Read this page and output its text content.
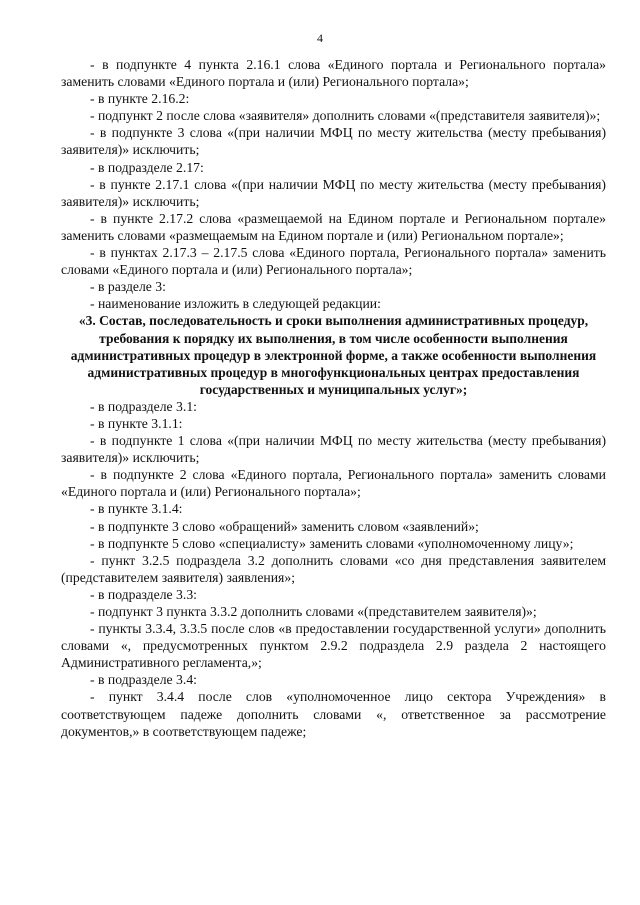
4

- в подпункте 4 пункта 2.16.1 слова «Единого портала и Регионального портала» заменить словами «Единого портала и (или) Регионального портала»;

- в пункте 2.16.2:

- подпункт 2 после слова «заявителя» дополнить словами «(представителя заявителя)»;

- в подпункте 3 слова «(при наличии МФЦ по месту жительства (месту пребывания) заявителя)» исключить;

- в подразделе 2.17:

- в пункте 2.17.1 слова «(при наличии МФЦ по месту жительства (месту пребывания) заявителя)» исключить;

- в пункте 2.17.2 слова «размещаемой на Едином портале и Региональном портале» заменить словами «размещаемым на Едином портале и (или) Региональном портале»;

- в пунктах 2.17.3 – 2.17.5 слова «Единого портала, Регионального портала» заменить словами «Единого портала и (или) Регионального портала»;

- в разделе 3:

- наименование изложить в следующей редакции:

«3. Состав, последовательность и сроки выполнения административных процедур, требования к порядку их выполнения, в том числе особенности выполнения административных процедур в электронной форме, а также особенности выполнения административных процедур в многофункциональных центрах предоставления государственных и муниципальных услуг»;

- в подразделе 3.1:

- в пункте 3.1.1:

- в подпункте 1 слова «(при наличии МФЦ по месту жительства (месту пребывания) заявителя)» исключить;

- в подпункте 2 слова «Единого портала, Регионального портала» заменить словами «Единого портала и (или) Регионального портала»;

- в пункте 3.1.4:

- в подпункте 3 слово «обращений» заменить словом «заявлений»;

- в подпункте 5 слово «специалисту» заменить словами «уполномоченному лицу»;

- пункт 3.2.5 подраздела 3.2 дополнить словами «со дня представления заявителем (представителем заявителя) заявления»;

- в подразделе 3.3:

- подпункт 3 пункта 3.3.2 дополнить словами «(представителем заявителя)»;

- пункты 3.3.4, 3.3.5 после слов «в предоставлении государственной услуги» дополнить словами «, предусмотренных пунктом 2.9.2 подраздела 2.9 раздела 2 настоящего Административного регламента,»;

- в подразделе 3.4:

- пункт 3.4.4 после слов «уполномоченное лицо сектора Учреждения» в соответствующем падеже дополнить словами «, ответственное за рассмотрение документов,» в соответствующем падеже;
